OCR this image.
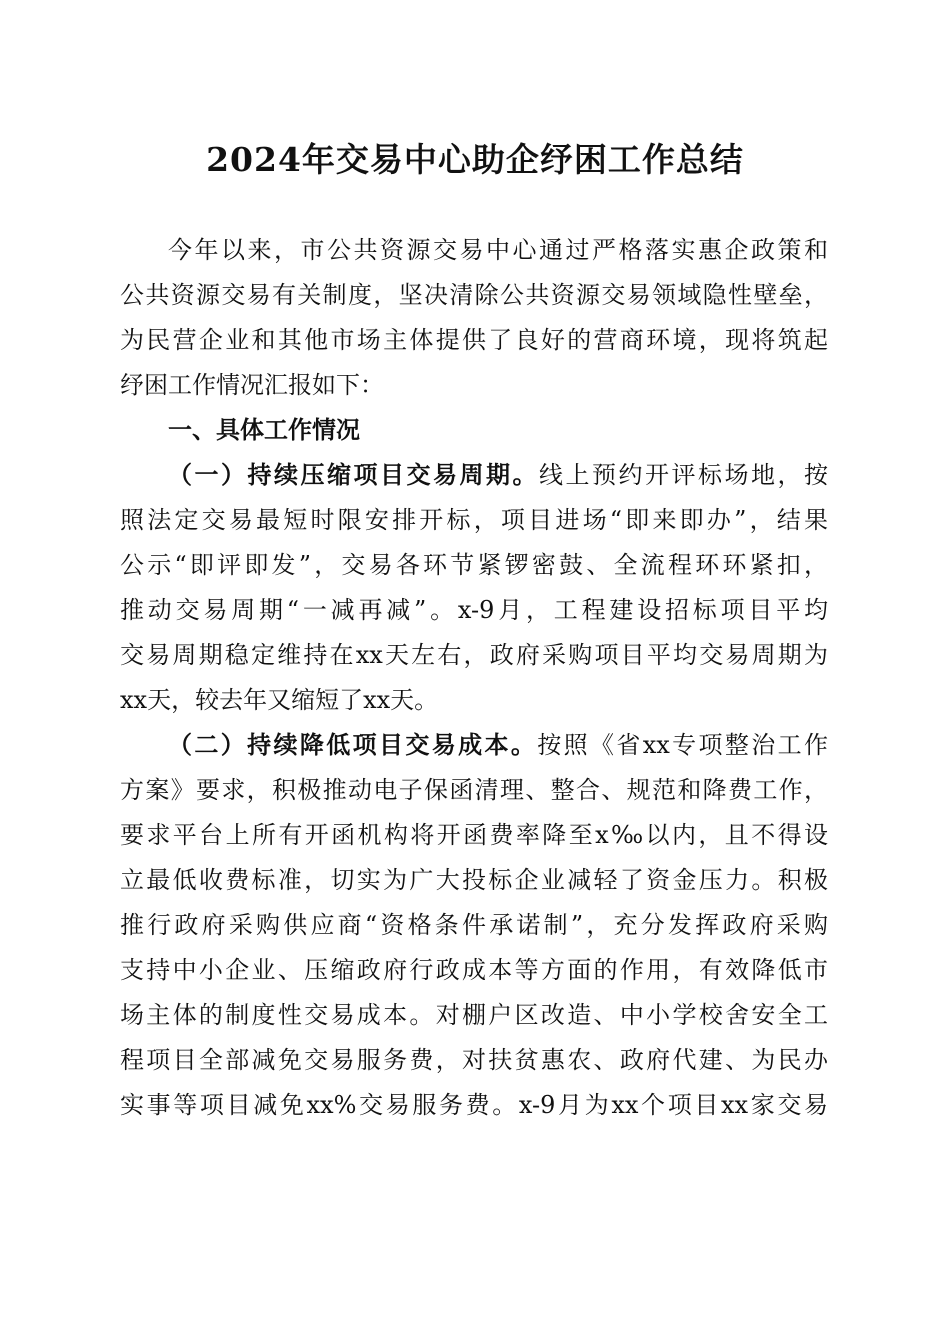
2024年交易中心助企纾困工作总结
今年以来，市公共资源交易中心通过严格落实惠企政策和
公共资源交易有关制度，坚决清除公共资源交易领域隐性壁垒，
为民营企业和其他市场主体提供了良好的营商环境，现将筑起
纾困工作情况汇报如下：
一、具体工作情况
（一）持续压缩项目交易周期。线上预约开评标场地，按
照法定交易最短时限安排开标，项目进场“即来即办”，结果
公示“即评即发”，交易各环节紧锣密鼓、全流程环环紧扣，
推动交易周期“一减再减”。x-9月，工程建设招标项目平均
交易周期稳定维持在xx天左右，政府采购项目平均交易周期为
xx天，较去年又缩短了xx天。
（二）持续降低项目交易成本。按照《省xx专项整治工作
方案》要求，积极推动电子保函清理、整合、规范和降费工作，
要求平台上所有开函机构将开函费率降至x‰以内，且不得设
立最低收费标准，切实为广大投标企业减轻了资金压力。积极
推行政府采购供应商“资格条件承诺制”，充分发挥政府采购
支持中小企业、压缩政府行政成本等方面的作用，有效降低市
场主体的制度性交易成本。对棚户区改造、中小学校舍安全工
程项目全部减免交易服务费，对扶贫惠农、政府代建、为民办
实事等项目减免xx%交易服务费。x-9月为xx个项目xx家交易
